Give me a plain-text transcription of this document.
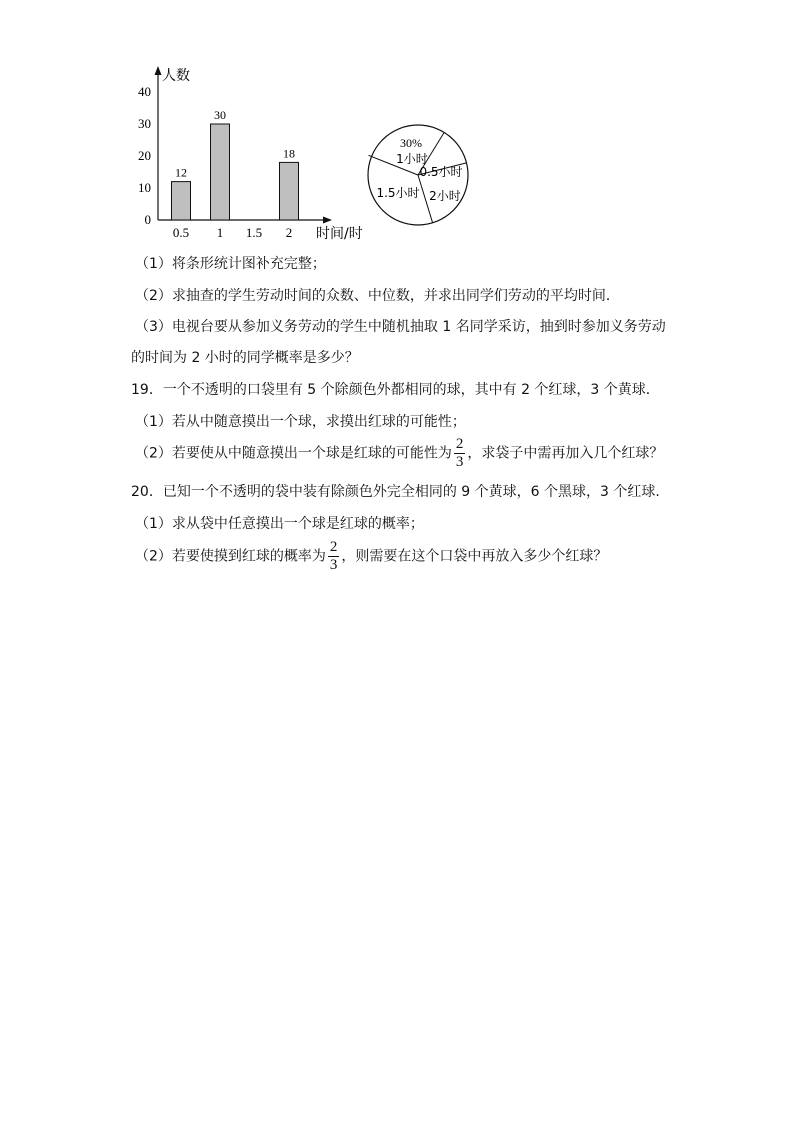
人数
时间/时
0
10
20
30
40
12
30
18
0.5 1 1.5 2
30%
1小时
0.5小时
2小时
1.5小时
（1）将条形统计图补充完整；
（2）求抽查的学生劳动时间的众数、中位数，并求出同学们劳动的平均时间．
（3）电视台要从参加义务劳动的学生中随机抽取 1 名同学采访，抽到时参加义务劳动
的时间为 2 小时的同学概率是多少？
19．一个不透明的口袋里有 5 个除颜色外都相同的球，其中有 2 个红球，3 个黄球．
（1）若从中随意摸出一个球，求摸出红球的可能性；
（2）若要使从中随意摸出一个球是红球的可能性为 $\frac{2}{3}$ ，求袋子中需再加入几个红球？
20．已知一个不透明的袋中装有除颜色外完全相同的 9 个黄球，6 个黑球，3 个红球.
（1）求从袋中任意摸出一个球是红球的概率；
（2）若要使摸到红球的概率为 $\frac{2}{3}$ ，则需要在这个口袋中再放入多少个红球？
